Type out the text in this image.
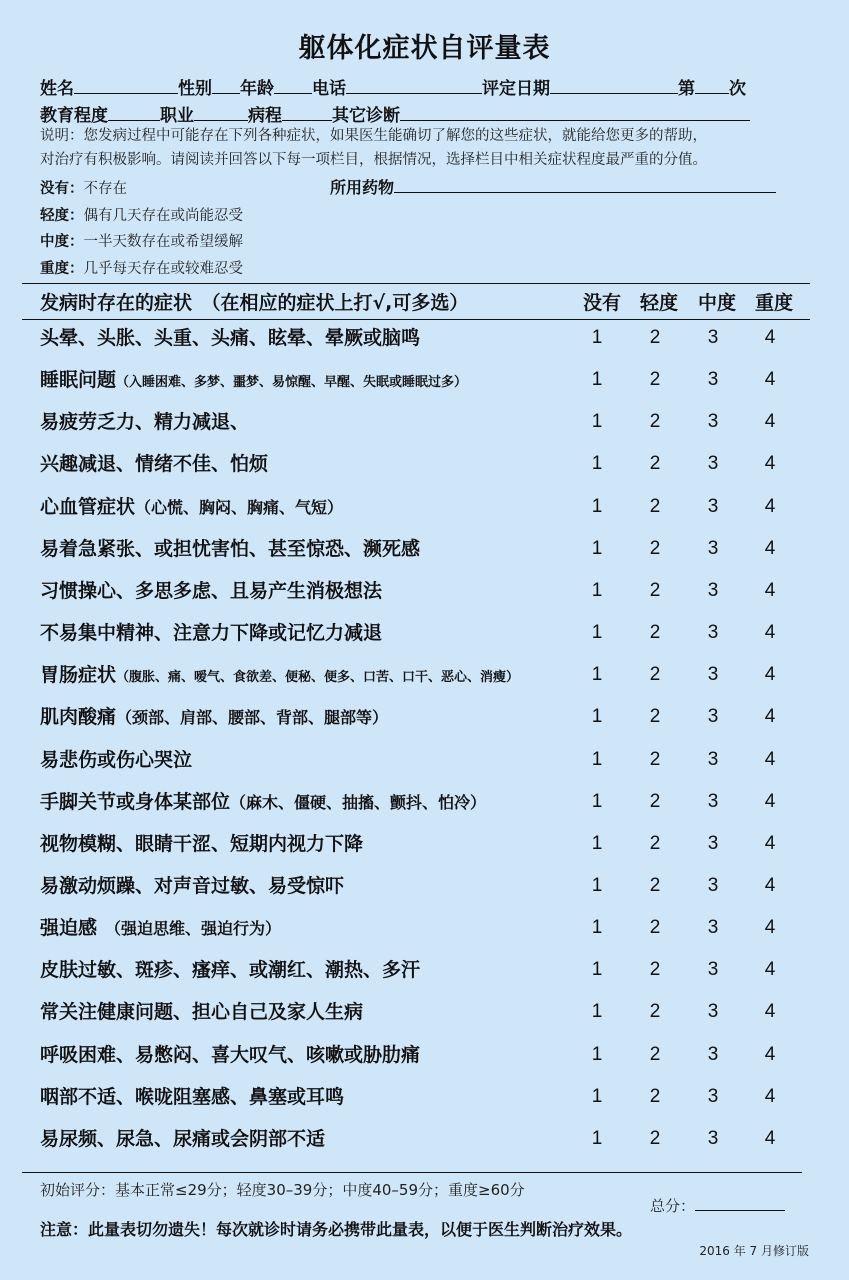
躯体化症状自评量表
姓名	性别 年龄 电话	评定日期	第 次
教育程度	职业	病程	其它诊断
说明：您发病过程中可能存在下列各种症状，如果医生能确切了解您的这些症状，就能给您更多的帮助，
对治疗有积极影响。请阅读并回答以下每一项栏目，根据情况，选择栏目中相关症状程度最严重的分值。
没有：不存在
轻度：偶有几天存在或尚能忍受
中度：一半天数存在或希望缓解
重度：几乎每天存在或较难忍受
所用药物
发病时存在的症状　（在相应的症状上打√,可多选）	没有 轻度	中度 重度
头晕、头胀、头重、头痛、眩晕、晕厥或脑鸣	1	2	3	4
睡眠问题（入睡困难、多梦、噩梦、易惊醒、早醒、失眠或睡眠过多）	1	2	3	4
易疲劳乏力、精力减退、	1	2	3	4
兴趣减退、情绪不佳、怕烦	1	2	3	4
心血管症状（心慌、胸闷、胸痛、气短）	1	2	3	4
易着急紧张、或担忧害怕、甚至惊恐、濒死感	1	2	3	4
习惯操心、多思多虑、且易产生消极想法	1	2	3	4
不易集中精神、注意力下降或记忆力减退	1	2	3	4
胃肠症状（腹胀、痛、嗳气、食欲差、便秘、便多、口苦、口干、恶心、消瘦）	1	2	3	4
肌肉酸痛（颈部、肩部、腰部、背部、腿部等）	1	2	3	4
易悲伤或伤心哭泣	1	2	3	4
手脚关节或身体某部位（麻木、僵硬、抽搐、颤抖、怕冷）	1	2	3	4
视物模糊、眼睛干涩、短期内视力下降	1	2	3	4
易激动烦躁、对声音过敏、易受惊吓	1	2	3	4
强迫感　（强迫思维、强迫行为）	1	2	3	4
皮肤过敏、斑疹、瘙痒、或潮红、潮热、多汗	1	2	3	4
常关注健康问题、担心自己及家人生病	1	2	3	4
呼吸困难、易憋闷、喜大叹气、咳嗽或胁肋痛	1	2	3	4
咽部不适、喉咙阻塞感、鼻塞或耳鸣	1	2	3	4
易尿频、尿急、尿痛或会阴部不适	1	2	3	4
初始评分：基本正常≤29分；轻度30–39分；中度40–59分；重度≥60分
总分：
注意：此量表切勿遗失！每次就诊时请务必携带此量表，以便于医生判断治疗效果。
2016 年 7 月修订版
